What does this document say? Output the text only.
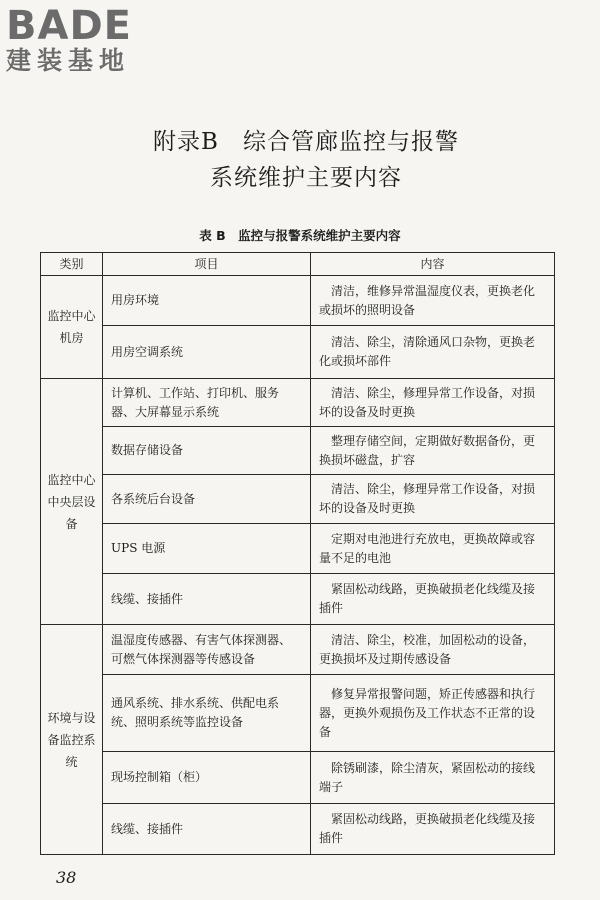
BADE
建装基地
附录B　综合管廊监控与报警
系统维护主要内容
表 B　监控与报警系统维护主要内容
类别	项目	内容
监控中心机房	用房环境	清洁，维修异常温湿度仪表，更换老化或损坏的照明设备
	用房空调系统	清洁、除尘，清除通风口杂物，更换老化或损坏部件
监控中心中央层设备	计算机、工作站、打印机、服务器、大屏幕显示系统	清洁、除尘，修理异常工作设备，对损坏的设备及时更换
	数据存储设备	整理存储空间，定期做好数据备份，更换损坏磁盘，扩容
	各系统后台设备	清洁、除尘，修理异常工作设备，对损坏的设备及时更换
	UPS 电源	定期对电池进行充放电，更换故障或容量不足的电池
	线缆、接插件	紧固松动线路，更换破损老化线缆及接插件
环境与设备监控系统	温湿度传感器、有害气体探测器、可燃气体探测器等传感设备	清洁、除尘，校准，加固松动的设备，更换损坏及过期传感设备
	通风系统、排水系统、供配电系统、照明系统等监控设备	修复异常报警问题，矫正传感器和执行器，更换外观损伤及工作状态不正常的设备
	现场控制箱（柜）	除锈刷漆，除尘清灰，紧固松动的接线端子
	线缆、接插件	紧固松动线路，更换破损老化线缆及接插件
38
